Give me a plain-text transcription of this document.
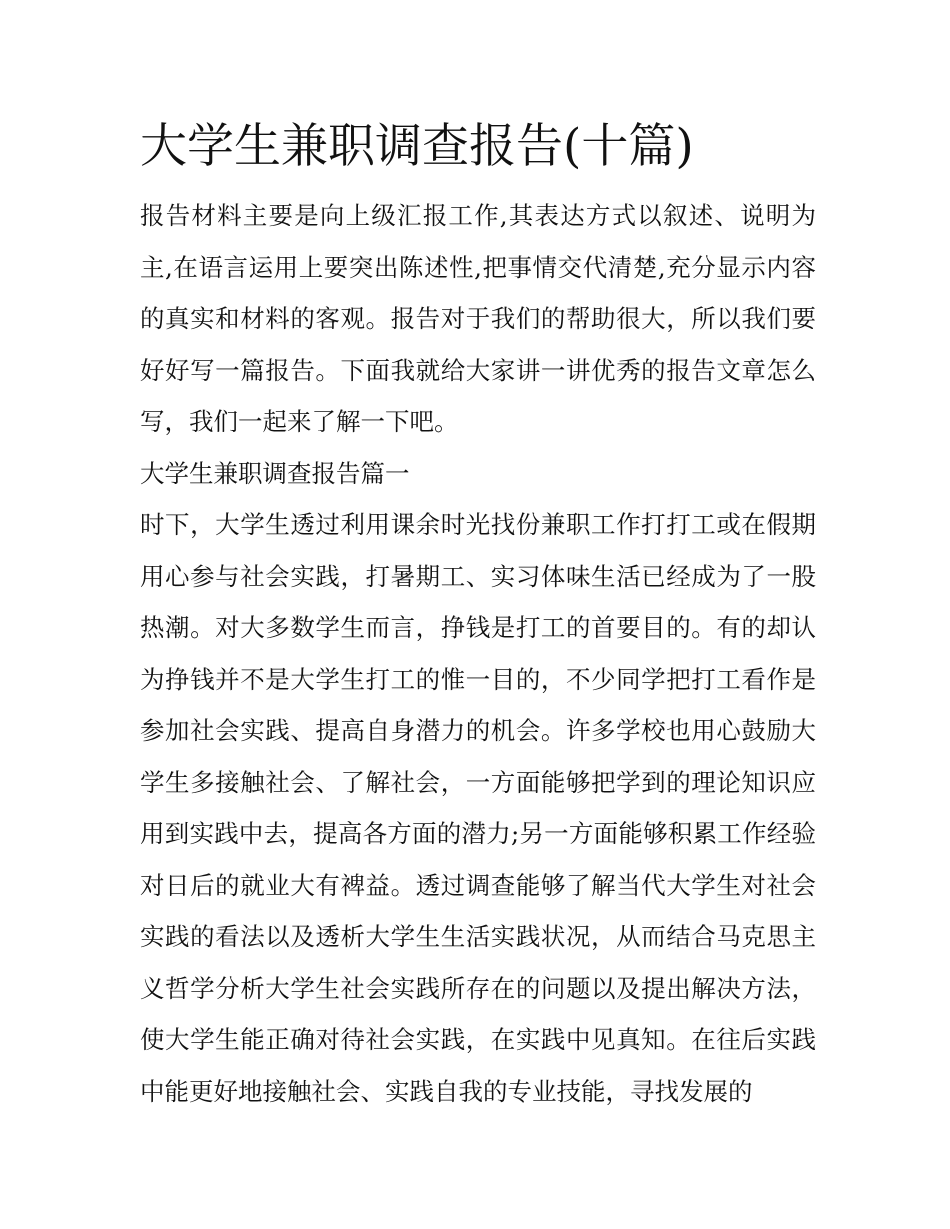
大学生兼职调查报告(十篇)

报告材料主要是向上级汇报工作,其表达方式以叙述、说明为主,在语言运用上要突出陈述性,把事情交代清楚,充分显示内容的真实和材料的客观。报告对于我们的帮助很大，所以我们要好好写一篇报告。下面我就给大家讲一讲优秀的报告文章怎么写，我们一起来了解一下吧。

大学生兼职调查报告篇一

时下，大学生透过利用课余时光找份兼职工作打打工或在假期用心参与社会实践，打暑期工、实习体味生活已经成为了一股热潮。对大多数学生而言，挣钱是打工的首要目的。有的却认为挣钱并不是大学生打工的惟一目的，不少同学把打工看作是参加社会实践、提高自身潜力的机会。许多学校也用心鼓励大学生多接触社会、了解社会，一方面能够把学到的理论知识应用到实践中去，提高各方面的潜力;另一方面能够积累工作经验对日后的就业大有裨益。透过调查能够了解当代大学生对社会实践的看法以及透析大学生生活实践状况，从而结合马克思主义哲学分析大学生社会实践所存在的问题以及提出解决方法，使大学生能正确对待社会实践，在实践中见真知。在往后实践中能更好地接触社会、实践自我的专业技能，寻找发展的
